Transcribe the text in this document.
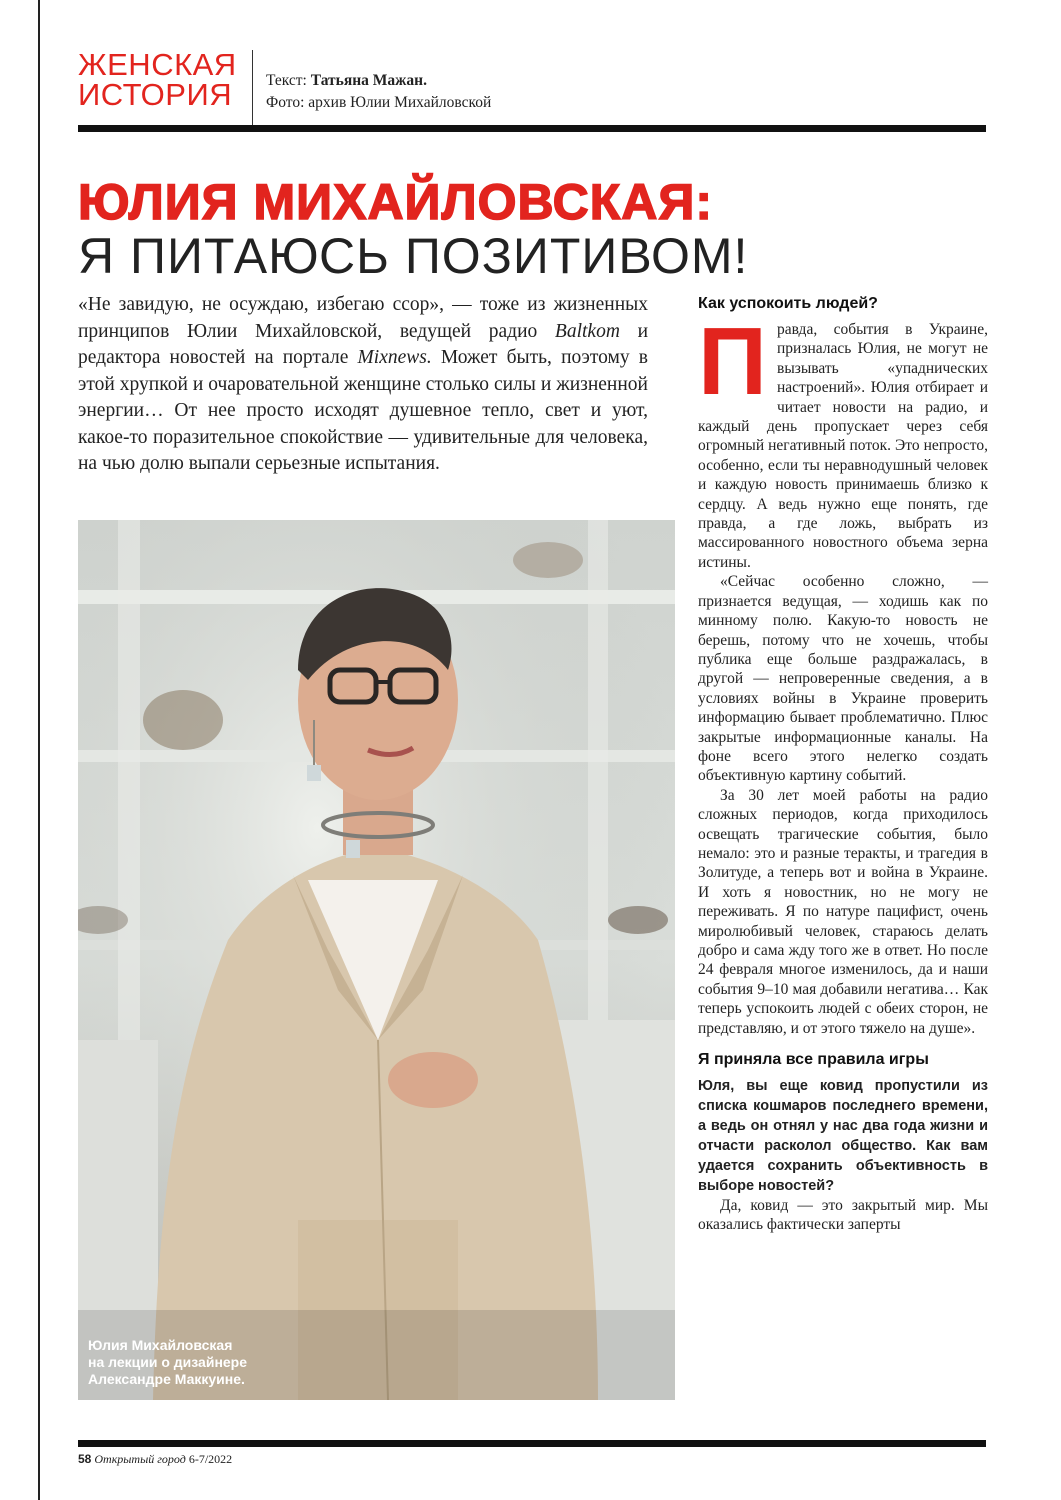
ЖЕНСКАЯ
ИСТОРИЯ	Текст: Татьяна Мажан.
Фото: архив Юлии Михайловской
ЮЛИЯ МИХАЙЛОВСКАЯ:
Я ПИТАЮСЬ ПОЗИТИВОМ!
«Не завидую, не осуждаю, избегаю ссор», — тоже из жизненных принципов Юлии Михайловской, ведущей радио Baltkom и редактора новостей на портале Mixnews. Может быть, поэтому в этой хрупкой и очаровательной женщине столько силы и жизненной энергии… От нее просто исходят душевное тепло, свет и уют, какое-то поразительное спокойствие — удивительные для человека, на чью долю выпали серьезные испытания.
Юлия Михайловская
на лекции о дизайнере
Александре Маккуине.
Как успокоить людей?

Правда, события в Украине, призналась Юлия, не могут не вызывать «упаднических настроений». Юлия отбирает и читает новости на радио, и каждый день пропускает через себя огромный негативный поток. Это непросто, особенно, если ты неравнодушный человек и каждую новость принимаешь близко к сердцу. А ведь нужно еще понять, где правда, а где ложь, выбрать из массированного новостного объема зерна истины.

«Сейчас особенно сложно, — признается ведущая, — ходишь как по минному полю. Какую-то новость не берешь, потому что не хочешь, чтобы публика еще больше раздражалась, в другой — непроверенные сведения, а в условиях войны в Украине проверить информацию бывает проблематично. Плюс закрытые информационные каналы. На фоне всего этого нелегко создать объективную картину событий.

За 30 лет моей работы на радио сложных периодов, когда приходилось освещать трагические события, было немало: это и разные теракты, и трагедия в Золитуде, а теперь вот и война в Украине. И хоть я новостник, но не могу не переживать. Я по натуре пацифист, очень миролюбивый человек, стараюсь делать добро и сама жду того же в ответ. Но после 24 февраля многое изменилось, да и наши события 9–10 мая добавили негатива… Как теперь успокоить людей с обеих сторон, не представляю, и от этого тяжело на душе».

Я приняла все правила игры

Юля, вы еще ковид пропустили из списка кошмаров последнего времени, а ведь он отнял у нас два года жизни и отчасти расколол общество. Как вам удается сохранить объективность в выборе новостей?

Да, ковид — это закрытый мир. Мы оказались фактически заперты

58 Открытый город 6-7/2022
